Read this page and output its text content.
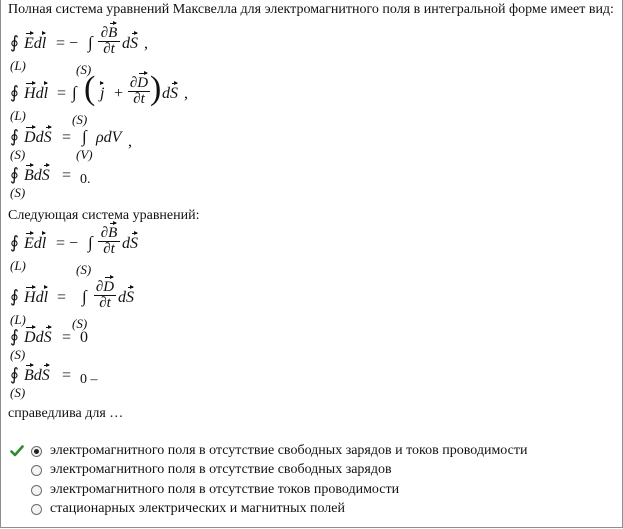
Полная система уравнений Максвелла для электромагнитного поля в интегральной форме имеет вид:
∮ Edl = − ∫ $\frac{\partial B}{\partial t}$ dS ,
(L)	(S)
∮ Hdl = ∫ ( $j + \frac{\partial D}{\partial t}$ ) dS ,
(L)	(S)
∮ DdS = ∫ ρdV ,
(S)	(V)
∮ BdS = 0.
(S)
Следующая система уравнений:
∮ Edl = − ∫ $\frac{\partial B}{\partial t}$ dS
(L)	(S)
∮ Hdl = ∫ $\frac{\partial D}{\partial t}$ dS
(L)	(S)
∮ DdS = 0
(S)
∮ BdS = 0 –
(S)
справедлива для …
электромагнитного поля в отсутствие свободных зарядов и токов проводимости
электромагнитного поля в отсутствие свободных зарядов
электромагнитного поля в отсутствие токов проводимости
стационарных электрических и магнитных полей
